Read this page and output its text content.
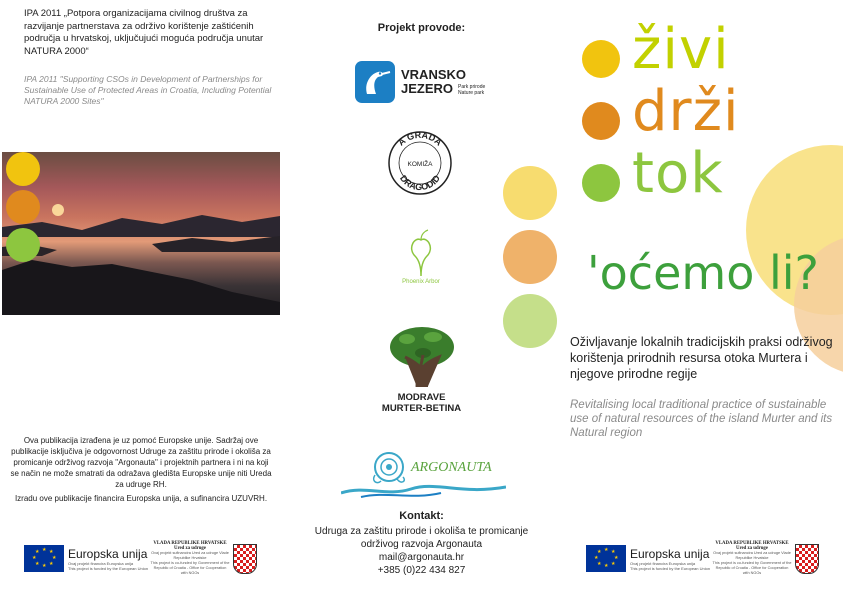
IPA 2011 „Potpora organizacijama civilnog društva za razvijanje partnerstava za održivo korištenje zaštićenih područja u hrvatskoj, uključujući moguća područja unutar NATURA 2000“
IPA 2011 "Supporting CSOs in Development of Partnerships for Sustainable Use of Protected Areas in Croatia, Including Potential NATURA 2000 Sites"
Ova publikacija izrađena je uz pomoć Europske unije. Sadržaj ove publikacije isključiva je odgovornost Udruge za zaštitu prirode i okoliša za promicanje održivog razvoja "Argonauta" i projektnih partnera i ni na koji se način ne može smatrati da odražava gledišta Europske unije niti Ureda za udruge RH.
Izradu ove publikacije financira Europska unija, a sufinancira UZUVRH.
★ ★
★
★
★
★
★
★ Europska unija
Ovaj projekt financira Europska unija
This project is funded by the European Union
VLADA REPUBLIKE HRVATSKE
Ured za udruge
Ovaj projekt sufinancira Ured za udruge Vlade Republike Hrvatske
This project is co-funded by Government of the Republic of Croatia - Office for Cooperation with NGOs
Projekt provode:
VRANSKO
JEZERO Park prirode
Nature park
A GRADA
DRAGODID
KOMIŽA
Phoenix Arbor
MODRAVE
MURTER-BETINA
ARGONAUTA
Kontakt:
Udruga za zaštitu prirode i okoliša te promicanje
održivog razvoja Argonauta
mail@argonauta.hr
+385 (0)22 434 827
živi
drži
tok
'oćemo li?
Oživljavanje lokalnih tradicijskih praksi održivog korištenja prirodnih resursa otoka Murtera i njegove prirodne regije
Revitalising local traditional practice of sustainable use of natural resources of the island Murter and its Natural region
★ ★
★
★
★
★
★
★ Europska unija
Ovaj projekt financira Europska unija
This project is funded by the European Union
VLADA REPUBLIKE HRVATSKE
Ured za udruge
Ovaj projekt sufinancira Ured za udruge Vlade Republike Hrvatske
This project is co-funded by Government of the Republic of Croatia - Office for Cooperation with NGOs
